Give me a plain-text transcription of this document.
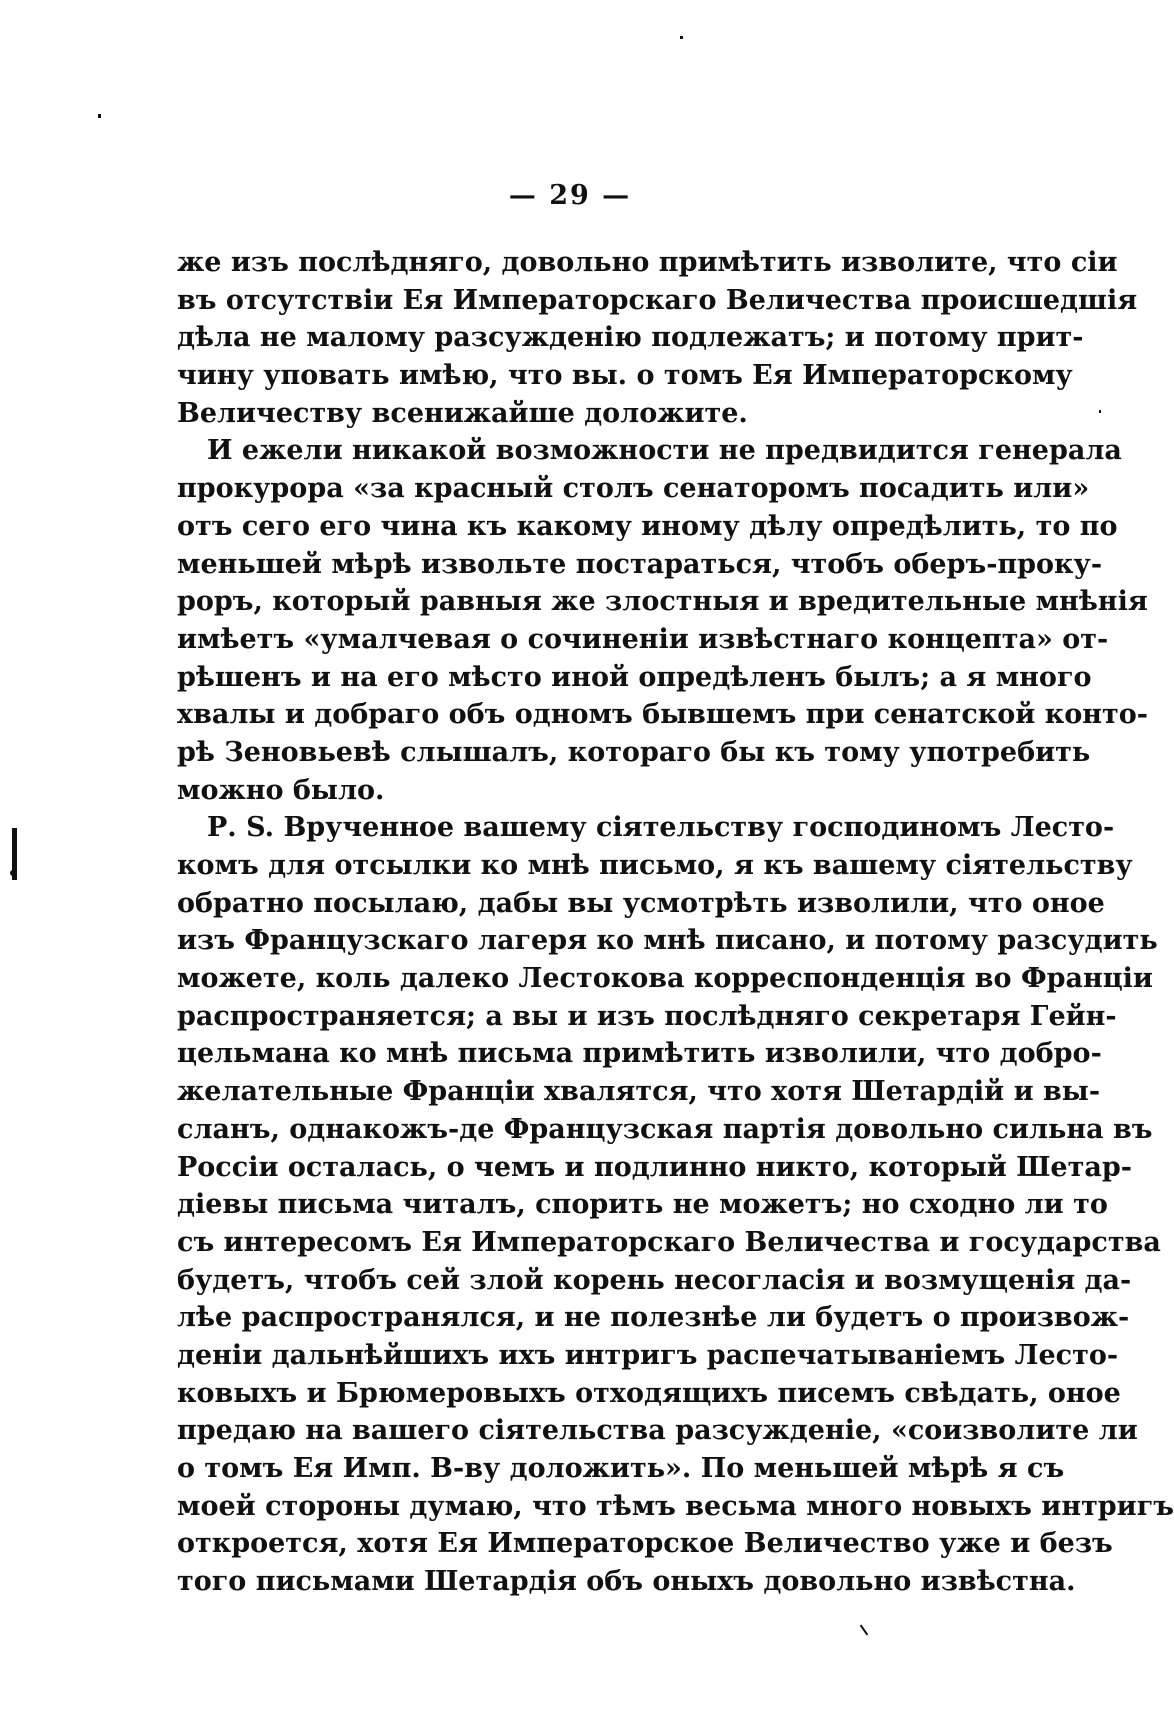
— 29 —
же изъ послѣдняго, довольно примѣтить изволите, что сіи
въ отсутствіи Ея Императорскаго Величества происшедшія
дѣла не малому разсужденію подлежатъ; и потому прит-
чину уповать имѣю, что вы. о томъ Ея Императорскому
Величеству всенижайше доложите.
И ежели никакой возможности не предвидится генерала
прокурора «за красный столъ сенаторомъ посадить или»
отъ сего его чина къ какому иному дѣлу опредѣлить, то по
меньшей мѣрѣ извольте постараться, чтобъ оберъ-проку-
роръ, который равныя же злостныя и вредительные мнѣнія
имѣетъ «умалчевая о сочиненіи извѣстнаго концепта» от-
рѣшенъ и на его мѣсто иной опредѣленъ былъ; а я много
хвалы и добраго объ одномъ бывшемъ при сенатской конто-
рѣ Зеновьевѣ слышалъ, котораго бы къ тому употребить
можно было.
Р. S. Врученное вашему сіятельству господиномъ Лесто-
комъ для отсылки ко мнѣ письмо, я къ вашему сіятельству
обратно посылаю, дабы вы усмотрѣть изволили, что оное
изъ Французскаго лагеря ко мнѣ писано, и потому разсудить
можете, коль далеко Лестокова корреспонденція во Франціи
распространяется; а вы и изъ послѣдняго секретаря Гейн-
цельмана ко мнѣ письма примѣтить изволили, что добро-
желательные Франціи хвалятся, что хотя Шетардій и вы-
сланъ, однакожъ-де Французская партія довольно сильна въ
Россіи осталась, о чемъ и подлинно никто, который Шетар-
діевы письма читалъ, спорить не можетъ; но сходно ли то
съ интересомъ Ея Императорскаго Величества и государства
будетъ, чтобъ сей злой корень несогласія и возмущенія да-
лѣе распространялся, и не полезнѣе ли будетъ о произвож-
деніи дальнѣйшихъ ихъ интригъ распечатываніемъ Лесто-
ковыхъ и Брюмеровыхъ отходящихъ писемъ свѣдать, оное
предаю на вашего сіятельства разсужденіе, «соизволите ли
о томъ Ея Имп. В-ву доложить». По меньшей мѣрѣ я съ
моей стороны думаю, что тѣмъ весьма много новыхъ интригъ
откроется, хотя Ея Императорское Величество уже и безъ
того письмами Шетардія объ оныхъ довольно извѣстна.
